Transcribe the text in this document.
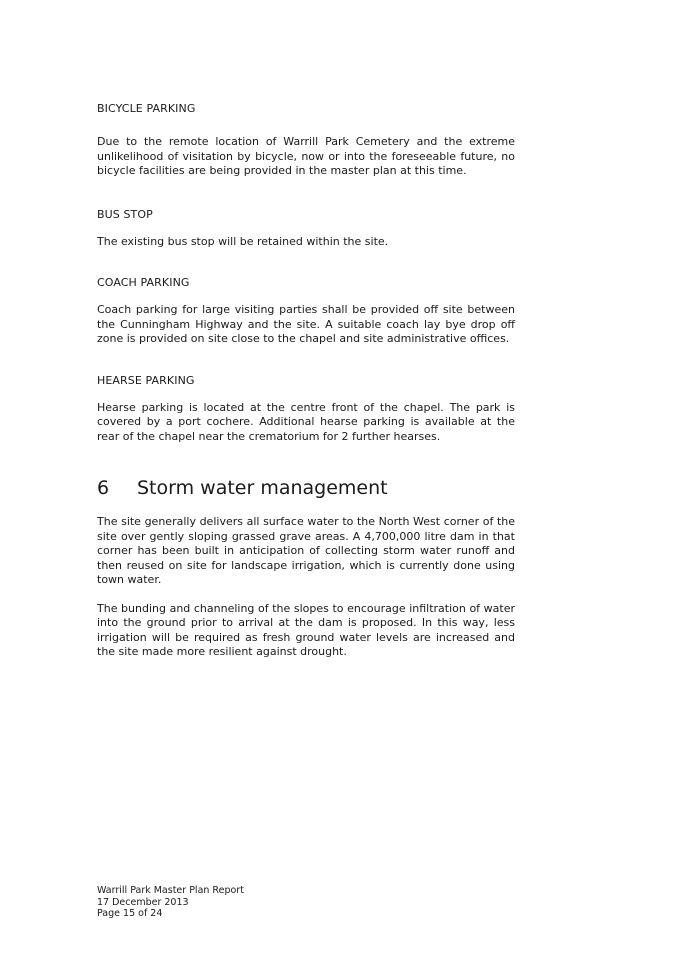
BICYCLE PARKING

Due to the remote location of Warrill Park Cemetery and the extreme unlikelihood of visitation by bicycle, now or into the foreseeable future, no bicycle facilities are being provided in the master plan at this time.

BUS STOP

The existing bus stop will be retained within the site.

COACH PARKING

Coach parking for large visiting parties shall be provided off site between the Cunningham Highway and the site. A suitable coach lay bye drop off zone is provided on site close to the chapel and site administrative offices.

HEARSE PARKING

Hearse parking is located at the centre front of the chapel. The park is covered by a port cochere. Additional hearse parking is available at the rear of the chapel near the crematorium for 2 further hearses.

6	Storm water management

The site generally delivers all surface water to the North West corner of the site over gently sloping grassed grave areas. A 4,700,000 litre dam in that corner has been built in anticipation of collecting storm water runoff and then reused on site for landscape irrigation, which is currently done using town water.

The bunding and channeling of the slopes to encourage infiltration of water into the ground prior to arrival at the dam is proposed. In this way, less irrigation will be required as fresh ground water levels are increased and the site made more resilient against drought.

Warrill Park Master Plan Report
17 December 2013
Page 15 of 24
